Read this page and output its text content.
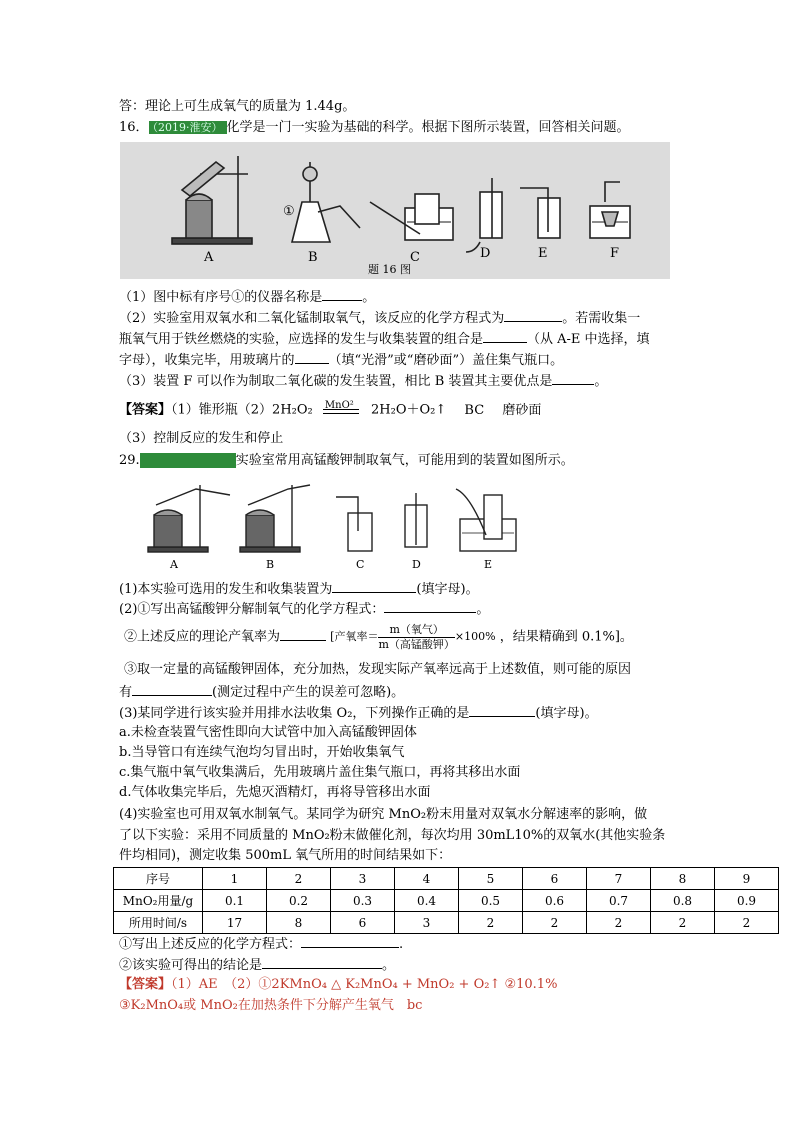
答：理论上可生成氧气的质量为 1.44g。
16． （2019·淮安） 化学是一门一实验为基础的科学。根据下图所示装置，回答相关问题。
A	B
①
C	D	E	F
题 16 图
（1）图中标有序号①的仪器名称是	。
（2）实验室用双氧水和二氧化锰制取氧气，该反应的化学方程式为	。若需收集一
瓶氧气用于铁丝燃烧的实验，应选择的发生与收集装置的组合是	（从 A-E 中选择，填
字母），收集完毕，用玻璃片的	（填“光滑”或“磨砂面”）盖住集气瓶口。
（3）装置 F 可以作为制取二氧化碳的发生装置，相比 B 装置其主要优点是	。
【答案】（1）锥形瓶（2）2H₂O₂ MnO² 2H₂O＋O₂↑ BC 磨砂面
（3）控制反应的发生和停止
29.	实验室常用高锰酸钾制取氧气，可能用到的装置如图所示。
A	B	C	D	E
(1)本实验可选用的发生和收集装置为	(填字母)。
(2)①写出高锰酸钾分解制氧气的化学方程式：	。
②上述反应的理论产氧率为	[产氧率＝ $\frac{\text{m（氧气）}}{\text{m（高锰酸钾）}} \times 100\%$ ，结果精确到 0.1%]。
③取一定量的高锰酸钾固体，充分加热，发现实际产氧率远高于上述数值，则可能的原因
有	(测定过程中产生的误差可忽略)。
(3)某同学进行该实验并用排水法收集 O₂，下列操作正确的是	(填字母)。
a.未检查装置气密性即向大试管中加入高锰酸钾固体
b.当导管口有连续气泡均匀冒出时，开始收集氧气
c.集气瓶中氧气收集满后，先用玻璃片盖住集气瓶口，再将其移出水面
d.气体收集完毕后，先熄灭酒精灯，再将导管移出水面
(4)实验室也可用双氧水制氧气。某同学为研究 MnO₂粉末用量对双氧水分解速率的影响，做
了以下实验：采用不同质量的 MnO₂粉末做催化剂，每次均用 30mL10%的双氧水(其他实验条
件均相同)，测定收集 500mL 氧气所用的时间结果如下：
序号	1	2	3	4	5	6	7	8	9
MnO₂用量/g	0.1	0.2	0.3	0.4	0.5	0.6	0.7	0.8	0.9
所用时间/s	17	8	6	3	2	2	2	2	2
①写出上述反应的化学方程式：	.
②该实验可得出的结论是	。
【答案】（1）AE　（2）①2KMnO₄ △ K₂MnO₄ + MnO₂ + O₂↑ ②10.1%
③K₂MnO₄或 MnO₂在加热条件下分解产生氧气　bc
